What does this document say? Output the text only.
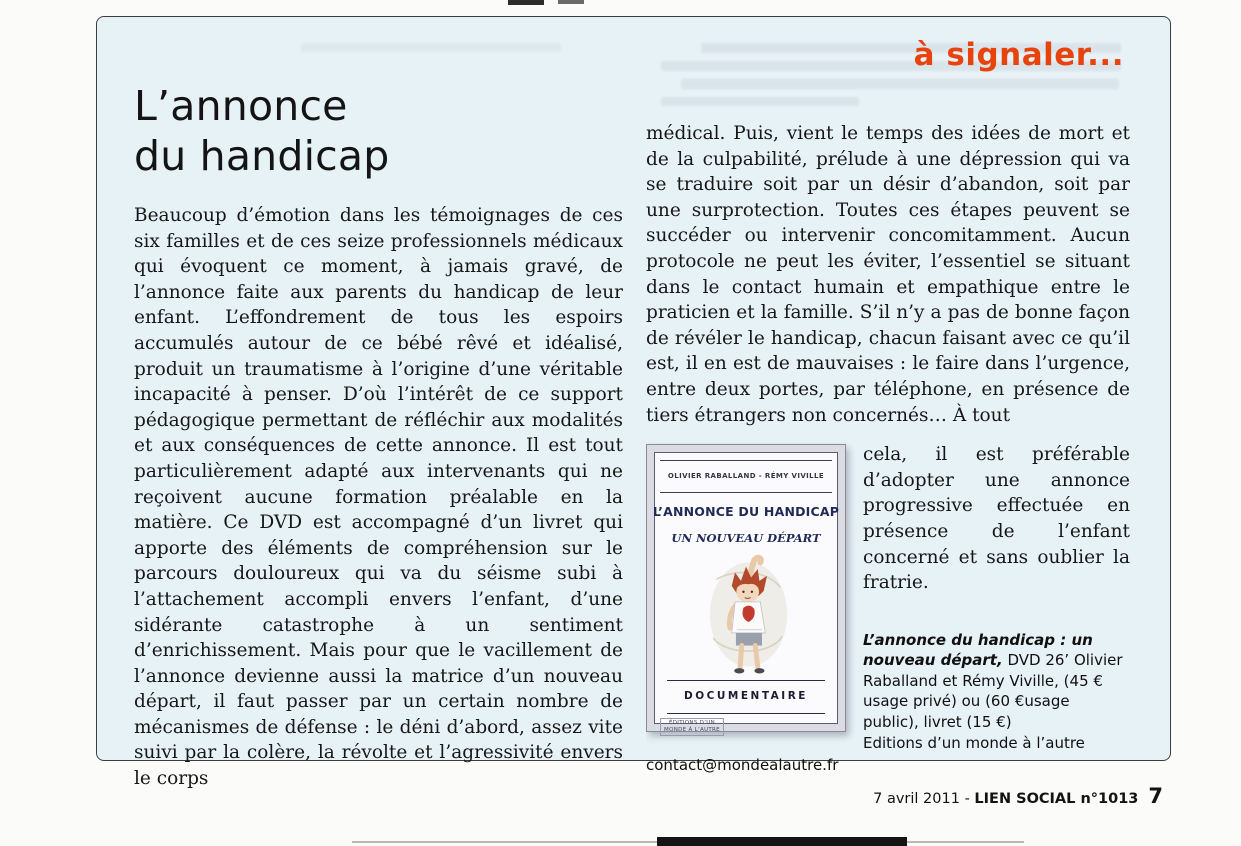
à signaler...
L’annonce
du handicap

Beaucoup d’émotion dans les témoignages de ces six familles et de ces seize professionnels médicaux qui évoquent ce moment, à jamais gravé, de l’annonce faite aux parents du handicap de leur enfant. L’effondrement de tous les espoirs accumulés autour de ce bébé rêvé et idéalisé, produit un traumatisme à l’origine d’une véritable incapacité à penser. D’où l’intérêt de ce support pédagogique permettant de réfléchir aux modalités et aux conséquences de cette annonce. Il est tout particulièrement adapté aux intervenants qui ne reçoivent aucune formation préalable en la matière. Ce DVD est accompagné d’un livret qui apporte des éléments de compréhension sur le parcours douloureux qui va du séisme subi à l’attachement accompli envers l’enfant, d’une sidérante catastrophe à un sentiment d’enrichissement. Mais pour que le vacillement de l’annonce devienne aussi la matrice d’un nouveau départ, il faut passer par un certain nombre de mécanismes de défense : le déni d’abord, assez vite suivi par la colère, la révolte et l’agressivité envers le corps

médical. Puis, vient le temps des idées de mort et de la culpabilité, prélude à une dépression qui va se traduire soit par un désir d’abandon, soit par une surprotection. Toutes ces étapes peuvent se succéder ou intervenir concomitamment. Aucun protocole ne peut les éviter, l’essentiel se situant dans le contact humain et empathique entre le praticien et la famille. S’il n’y a pas de bonne façon de révéler le handicap, chacun faisant avec ce qu’il est, il en est de mauvaises : le faire dans l’urgence, entre deux portes, par téléphone, en présence de tiers étrangers non concernés… À tout

OLIVIER RABALLAND - RÉMY VIVILLE
L’ANNONCE DU HANDICAP
UN NOUVEAU DÉPART
DOCUMENTAIRE
ÉDITIONS D’UN MONDE À L’AUTRE

cela, il est préférable d’adopter une annonce progressive effectuée en présence de l’enfant concerné et sans oublier la fratrie.

L’annonce du handicap : un nouveau départ, DVD 26’ Olivier Raballand et Rémy Viville, (45 € usage privé) ou (60 €usage public), livret (15 €)
Editions d’un monde à l’autre
contact@mondealautre.fr
7 avril 2011 - LIEN SOCIAL n°1013 7
